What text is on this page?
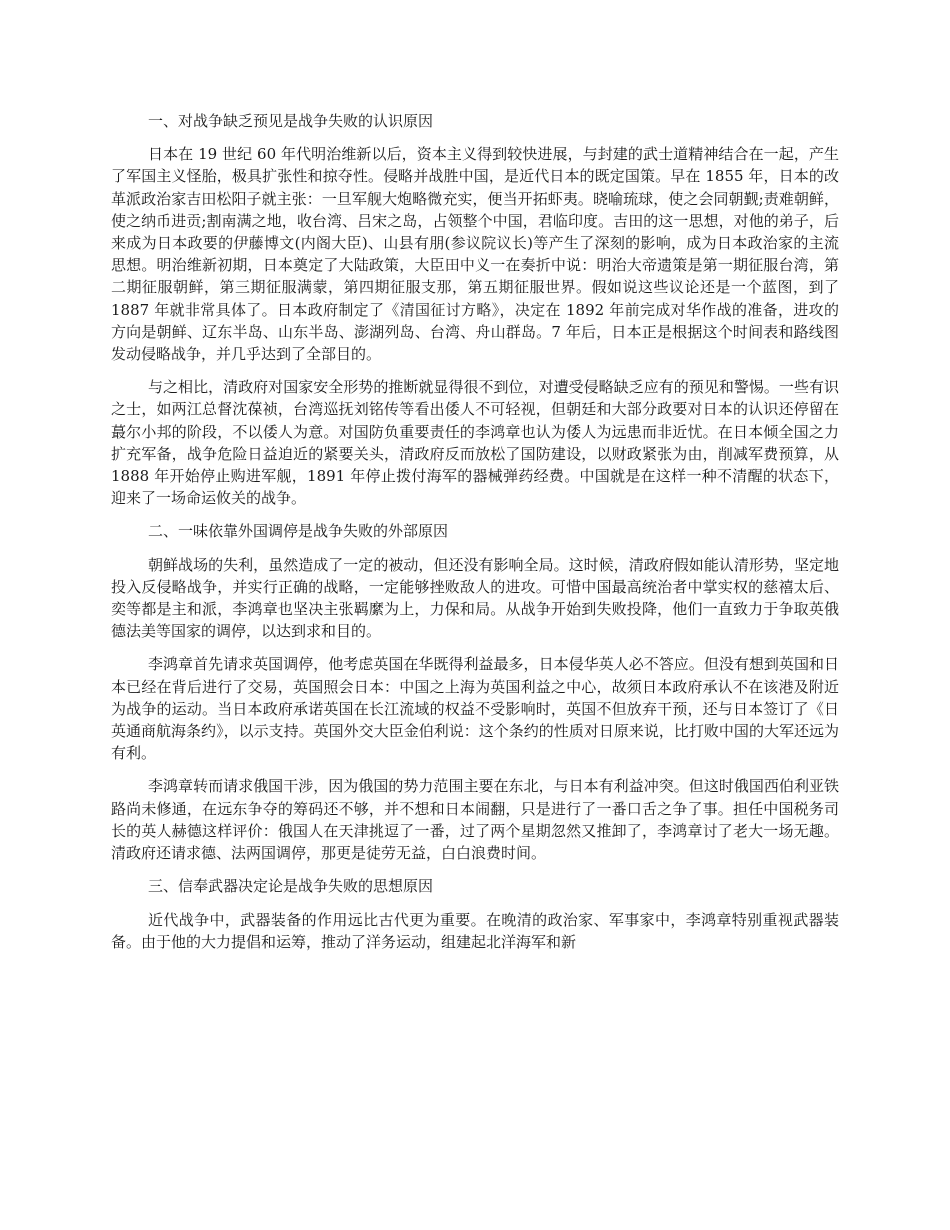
一、对战争缺乏预见是战争失败的认识原因

日本在 19 世纪 60 年代明治维新以后，资本主义得到较快进展，与封建的武士道精神结合在一起，产生了军国主义怪胎，极具扩张性和掠夺性。侵略并战胜中国，是近代日本的既定国策。早在 1855 年，日本的改革派政治家吉田松阳子就主张：一旦军舰大炮略微充实，便当开拓虾夷。晓喻琉球，使之会同朝觐;责难朝鲜，使之纳币进贡;割南满之地，收台湾、吕宋之岛，占领整个中国，君临印度。吉田的这一思想，对他的弟子，后来成为日本政要的伊藤博文(内阁大臣)、山县有朋(参议院议长)等产生了深刻的影响，成为日本政治家的主流思想。明治维新初期，日本奠定了大陆政策，大臣田中义一在奏折中说：明治大帝遗策是第一期征服台湾，第二期征服朝鲜，第三期征服满蒙，第四期征服支那，第五期征服世界。假如说这些议论还是一个蓝图，到了 1887 年就非常具体了。日本政府制定了《清国征讨方略》，决定在 1892 年前完成对华作战的准备，进攻的方向是朝鲜、辽东半岛、山东半岛、澎湖列岛、台湾、舟山群岛。7 年后，日本正是根据这个时间表和路线图发动侵略战争，并几乎达到了全部目的。

与之相比，清政府对国家安全形势的推断就显得很不到位，对遭受侵略缺乏应有的预见和警惕。一些有识之士，如两江总督沈葆祯，台湾巡抚刘铭传等看出倭人不可轻视，但朝廷和大部分政要对日本的认识还停留在蕞尔小邦的阶段，不以倭人为意。对国防负重要责任的李鸿章也认为倭人为远患而非近忧。在日本倾全国之力扩充军备，战争危险日益迫近的紧要关头，清政府反而放松了国防建设，以财政紧张为由，削减军费预算，从 1888 年开始停止购进军舰，1891 年停止拨付海军的器械弹药经费。中国就是在这样一种不清醒的状态下，迎来了一场命运攸关的战争。

二、一味依靠外国调停是战争失败的外部原因

朝鲜战场的失利，虽然造成了一定的被动，但还没有影响全局。这时候，清政府假如能认清形势，坚定地投入反侵略战争，并实行正确的战略，一定能够挫败敌人的进攻。可惜中国最高统治者中掌实权的慈禧太后、奕等都是主和派，李鸿章也坚决主张羁縻为上，力保和局。从战争开始到失败投降，他们一直致力于争取英俄德法美等国家的调停，以达到求和目的。

李鸿章首先请求英国调停，他考虑英国在华既得利益最多，日本侵华英人必不答应。但没有想到英国和日本已经在背后进行了交易，英国照会日本：中国之上海为英国利益之中心，故须日本政府承认不在该港及附近为战争的运动。当日本政府承诺英国在长江流域的权益不受影响时，英国不但放弃干预，还与日本签订了《日英通商航海条约》，以示支持。英国外交大臣金伯利说：这个条约的性质对日原来说，比打败中国的大军还远为有利。

李鸿章转而请求俄国干涉，因为俄国的势力范围主要在东北，与日本有利益冲突。但这时俄国西伯利亚铁路尚未修通，在远东争夺的筹码还不够，并不想和日本闹翻，只是进行了一番口舌之争了事。担任中国税务司长的英人赫德这样评价：俄国人在天津挑逗了一番，过了两个星期忽然又推卸了，李鸿章讨了老大一场无趣。清政府还请求德、法两国调停，那更是徒劳无益，白白浪费时间。

三、信奉武器决定论是战争失败的思想原因

近代战争中，武器装备的作用远比古代更为重要。在晚清的政治家、军事家中，李鸿章特别重视武器装备。由于他的大力提倡和运筹，推动了洋务运动，组建起北洋海军和新
